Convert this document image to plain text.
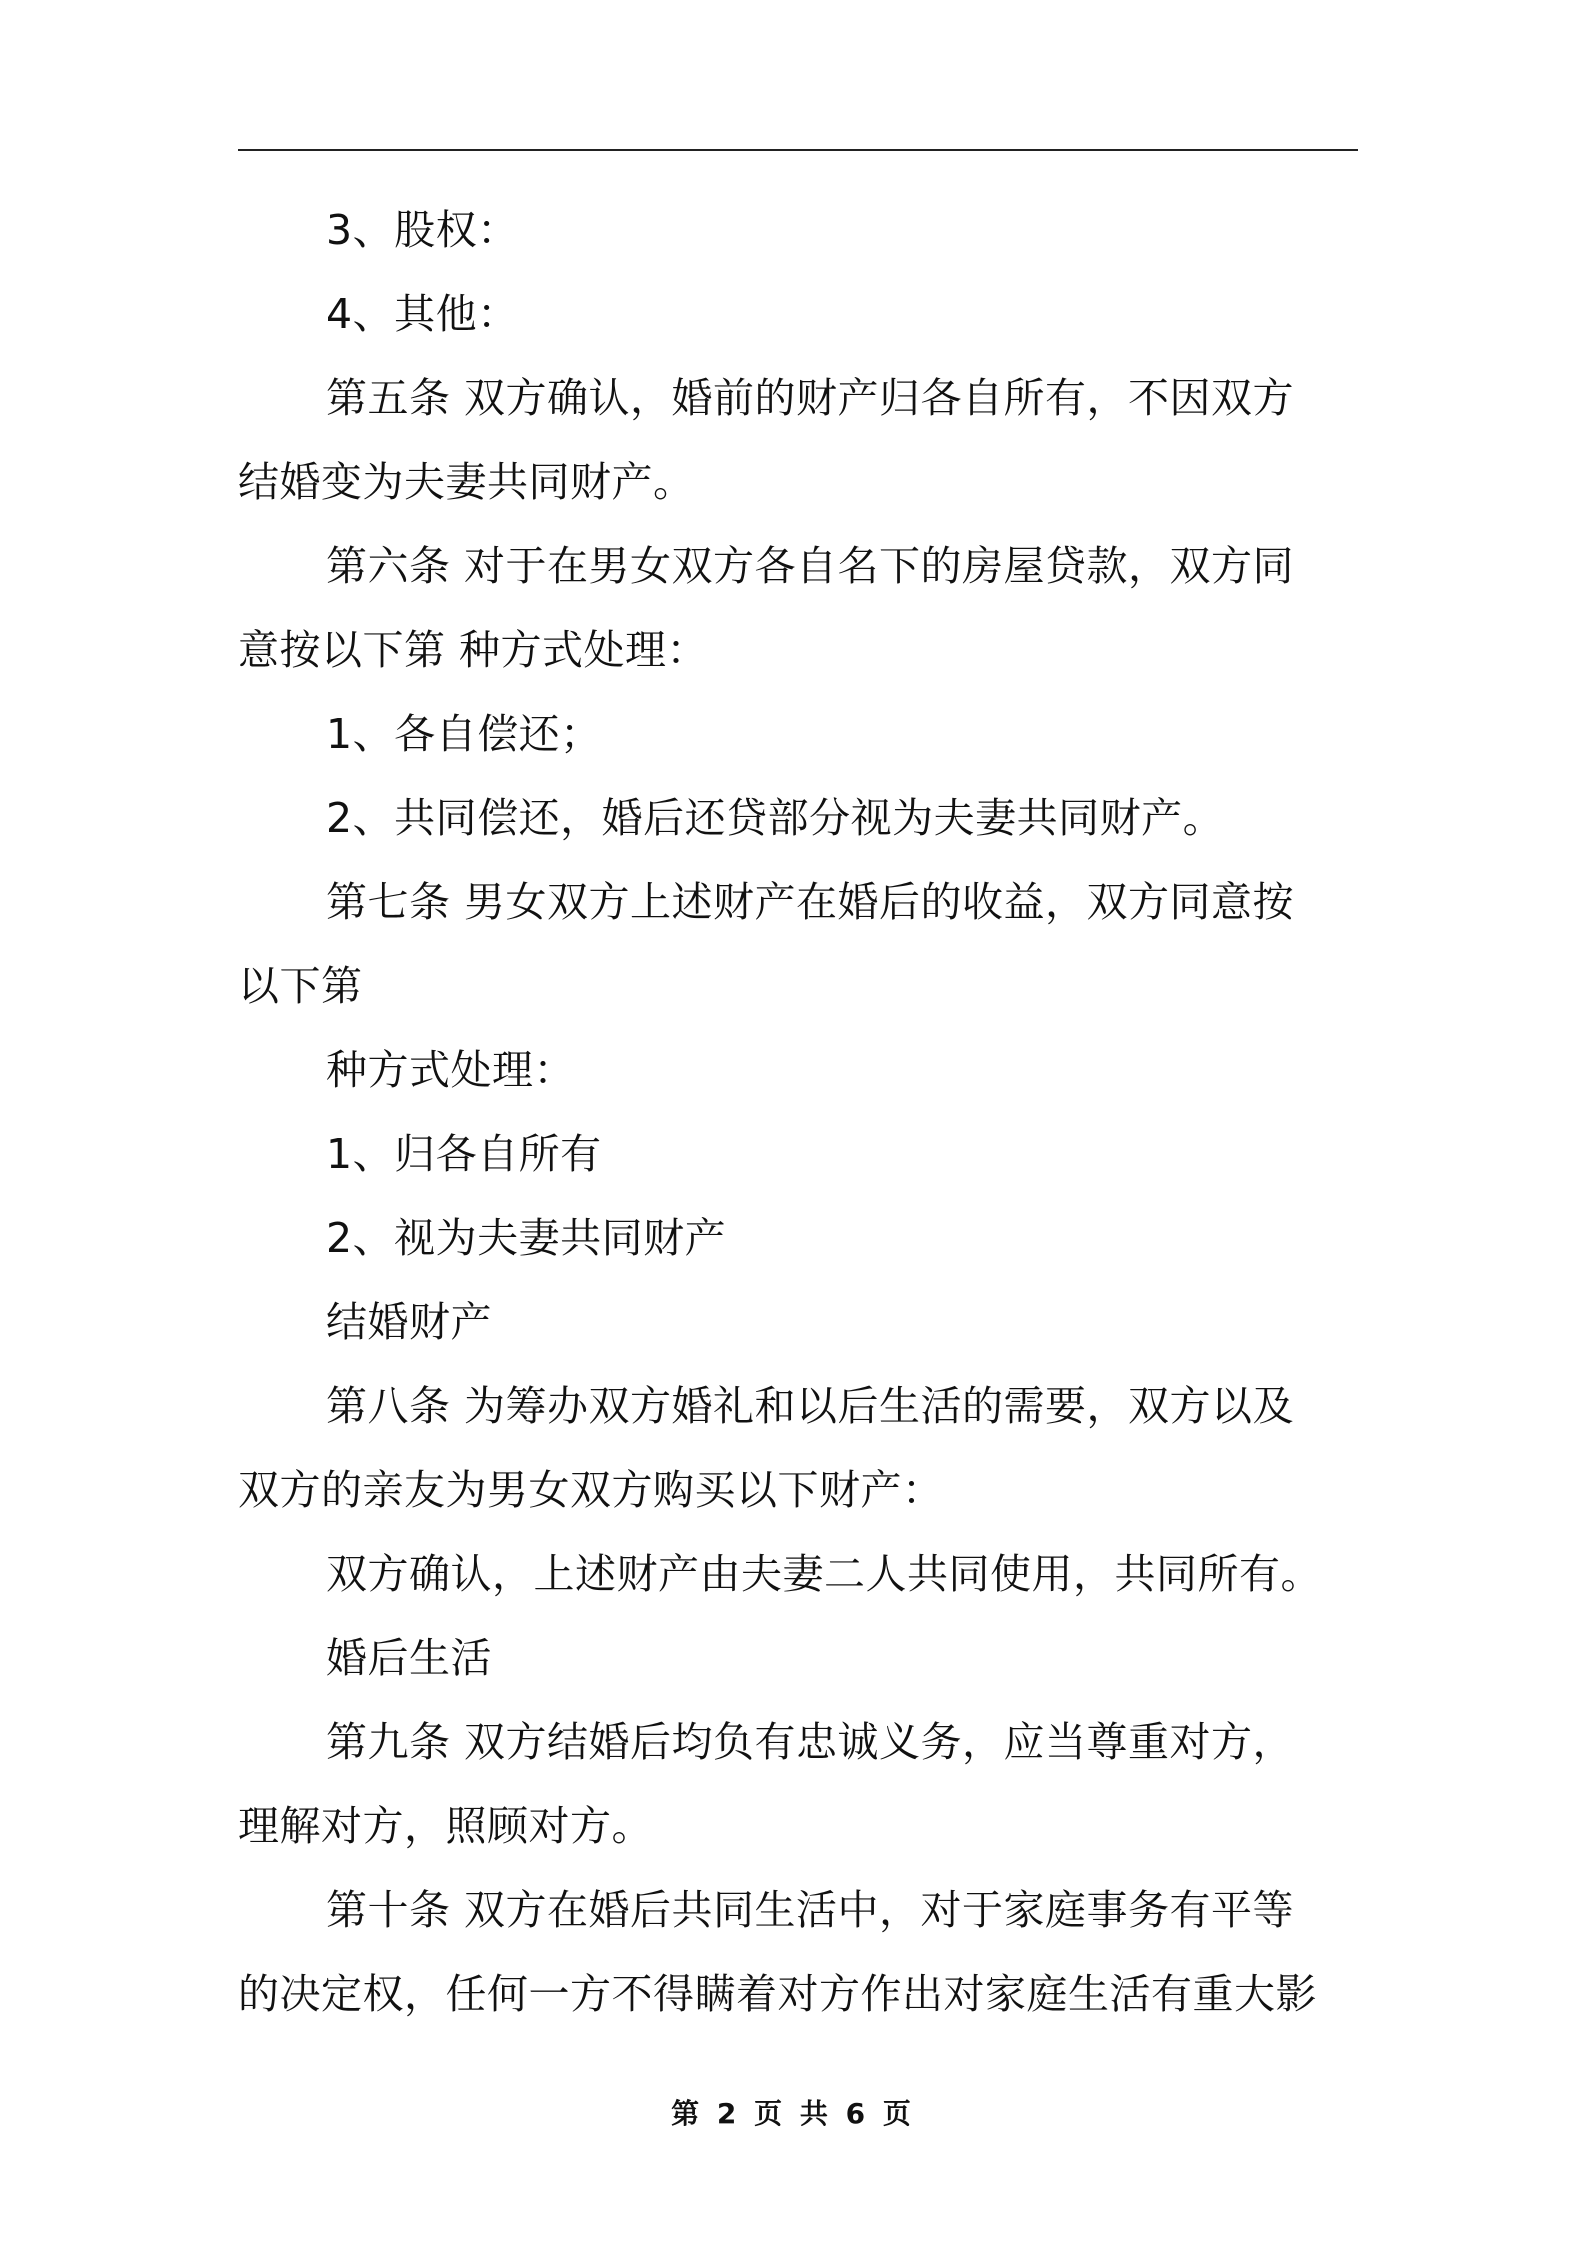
3、股权：
4、其他：
第五条 双方确认，婚前的财产归各自所有，不因双方
结婚变为夫妻共同财产。
第六条 对于在男女双方各自名下的房屋贷款，双方同
意按以下第 种方式处理：
1、各自偿还；
2、共同偿还，婚后还贷部分视为夫妻共同财产。
第七条 男女双方上述财产在婚后的收益，双方同意按
以下第
种方式处理：
1、归各自所有
2、视为夫妻共同财产
结婚财产
第八条 为筹办双方婚礼和以后生活的需要，双方以及
双方的亲友为男女双方购买以下财产：
双方确认，上述财产由夫妻二人共同使用，共同所有。
婚后生活
第九条 双方结婚后均负有忠诚义务，应当尊重对方，
理解对方，照顾对方。
第十条 双方在婚后共同生活中，对于家庭事务有平等
的决定权，任何一方不得瞒着对方作出对家庭生活有重大影
第 2 页 共 6 页
